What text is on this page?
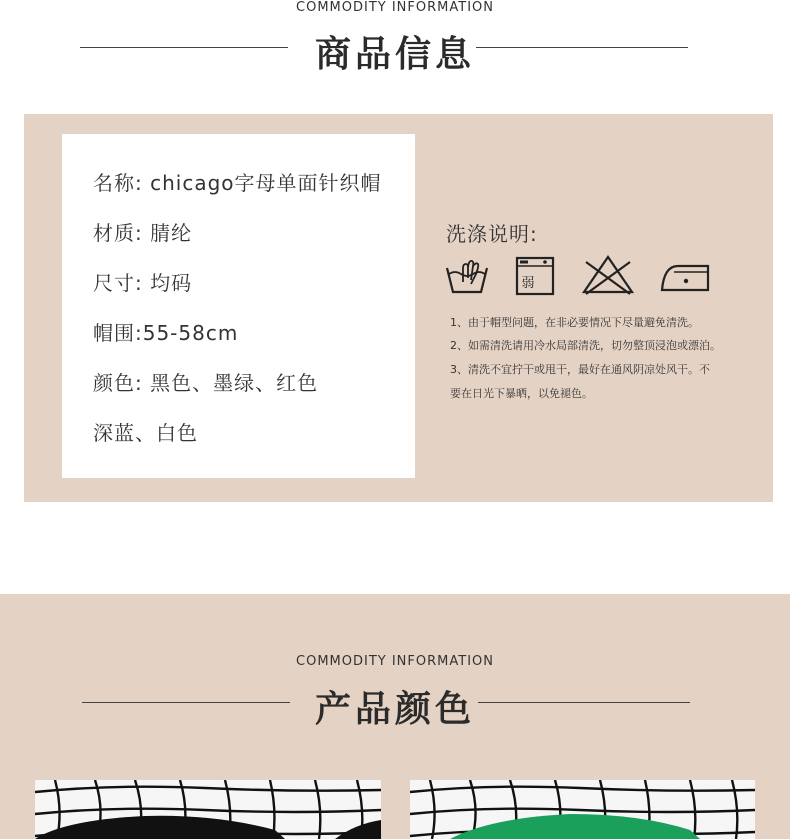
COMMODITY INFORMATION
商品信息
名称: chicago字母单面针织帽
材质: 腈纶
尺寸: 均码
帽围:55-58cm
颜色: 黑色、墨绿、红色
深蓝、白色
洗涤说明:
弱
1、由于帽型问题，在非必要情况下尽量避免清洗。
2、如需清洗请用冷水局部清洗，切勿整顶浸泡或漂泊。
3、清洗不宜拧干或甩干，最好在通风阴凉处风干。不
要在日光下暴晒，以免褪色。
COMMODITY INFORMATION
产品颜色
